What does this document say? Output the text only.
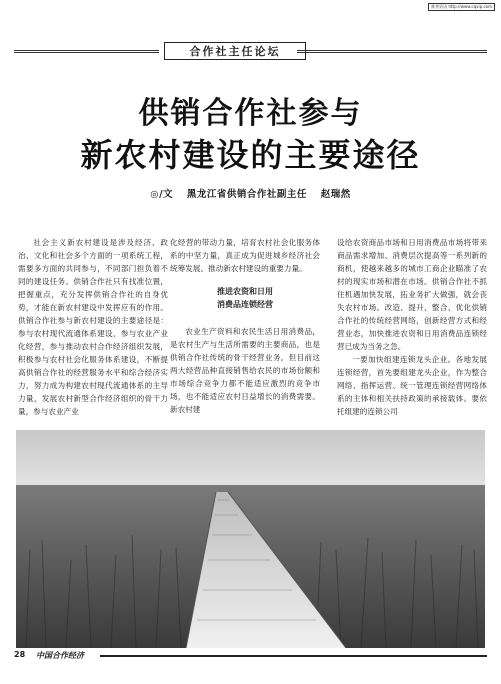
维普资讯 http://www.cqvip.com
合作社主任论坛
供销合作社参与
新农村建设的主要途径
◎/文 黑龙江省供销合作社副主任 赵瑞然

社会主义新农村建设是涉及经济、政治、文化和社会多个方面的一项系统工程，需要多方面的共同参与，不同部门担负着不同的建设任务。供销合作社只有找准位置，把握重点，充分发挥供销合作社的自身优势，才能在新农村建设中发挥应有的作用。供销合作社参与新农村建设的主要途径是：参与农村现代流通体系建设，参与农业产业化经营，参与推动农村合作经济组织发展，积极参与农村社会化服务体系建设，不断提高供销合作社的经营服务水平和综合经济实力，努力成为构建农村现代流通体系的主导力量，发展农村新型合作经济组织的骨干力量，参与农业产业

化经营的带动力量，培育农村社会化服务体系的中坚力量，真正成为促进城乡经济社会统筹发展、推动新农村建设的重要力量。

推进农资和日用
消费品连锁经营

农业生产资料和农民生活日用消费品，是农村生产与生活所需要的主要商品，也是供销合作社传统的骨干经营业务。但目前这两大经营品种直接销售给农民的市场份额和市场综合竞争力都不能适应激烈的竞争市场，也不能适应农村日益增长的消费需要。新农村建

设给农资商品市场和日用消费品市场将带来商品需求增加、消费层次提高等一系列新的商机，使越来越多的城市工商企业瞄准了农村的现实市场和潜在市场。供销合作社不抓住机遇加快发展，拓业务扩大做强，就会丧失农村市场。改造、提升、整合、优化供销合作社的传统经营网络，创新经营方式和经营业态，加快推进农资和日用消费品连锁经营已成为当务之急。

一要加快组建连锁龙头企业。各地发展连锁经营，首先要组建龙头企业，作为整合网络、指挥运营、统一管理连锁经营网络体系的主体和相关扶持政策的承接载体。要依托组建的连锁公司

28 中国合作经济
